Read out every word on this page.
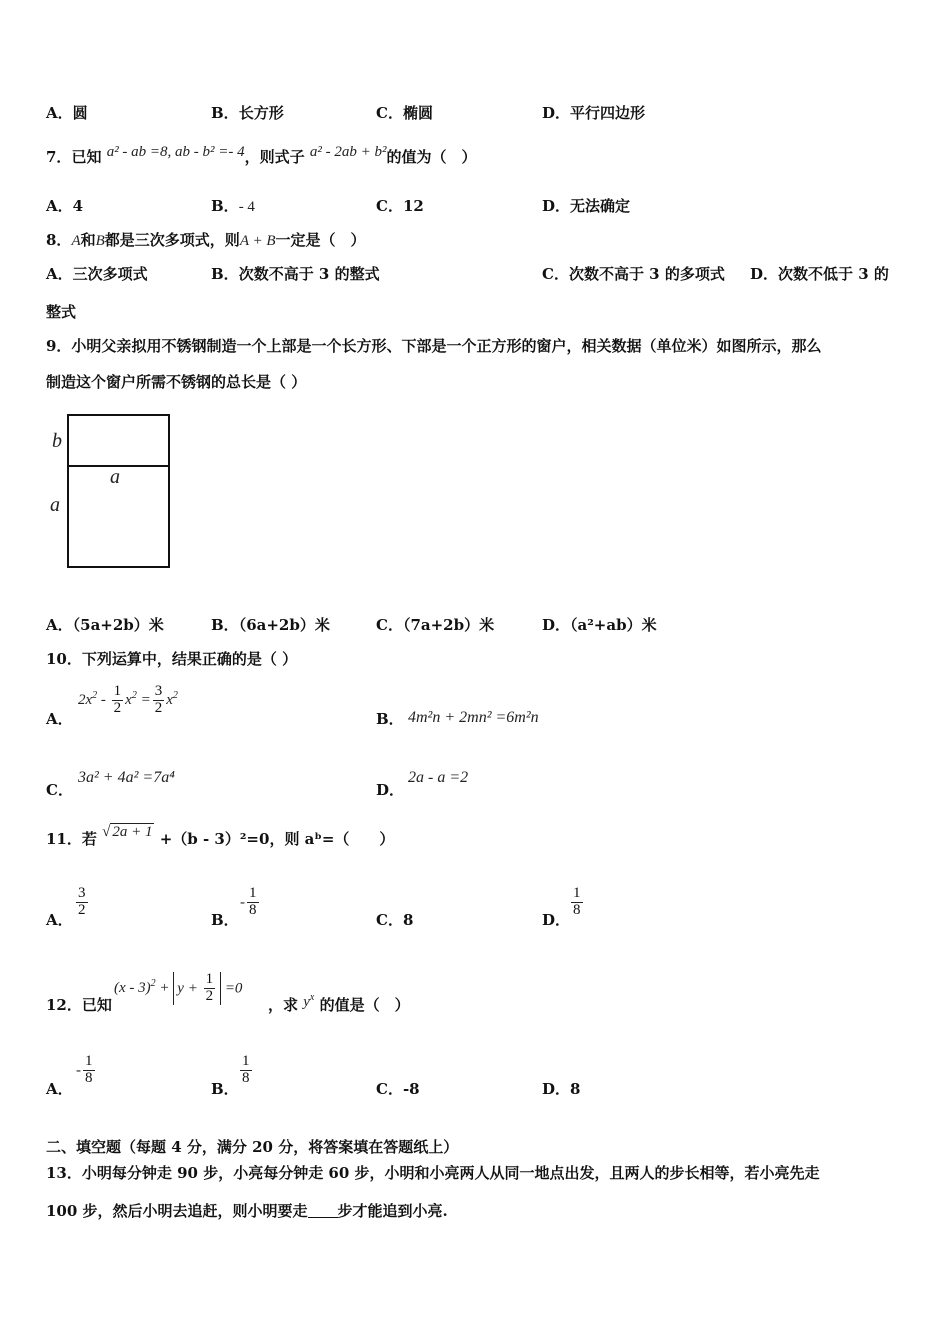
A．圆	B．长方形	C．椭圆	D．平行四边形
7．已知 a² - ab =8, ab - b² =- 4，则式子 a² - 2ab + b²的值为（　）
A．4	B．- 4	C．12	D．无法确定
8．A和B都是三次多项式，则A + B一定是（　）
A．三次多项式	B．次数不高于 3 的整式	C．次数不高于 3 的多项式 D．次数不低于 3 的
整式
9．小明父亲拟用不锈钢制造一个上部是一个长方形、下部是一个正方形的窗户，相关数据（单位米）如图所示，那么
制造这个窗户所需不锈钢的总长是（ ）
b
a
a
A．（5a+2b）米	B．（6a+2b）米	C．（7a+2b）米	D．（a²+ab）米
10．下列运算中，结果正确的是（ ）
A．
$2x^2 - \frac{1}{2} x^2 = \frac{3}{2} x^2$
B． 4m²n + 2mn² =6m²n
C．
3a² + 4a² =7a⁴
D．
2a - a =2
11．若 √ 2a + 1 +（b - 3）²=0，则 aᵇ=（　　）
A．
$\frac{3}{2}$
B．
- $\frac{1}{8}$
C．8	D．
$\frac{1}{8}$
12．已知
$(x - 3)^2 + y + \frac{1}{2} =0$
，求 $y^x$ 的值是（　）
A．
- $\frac{1}{8}$
B．
$\frac{1}{8}$
C．-8	D．8
二、填空题（每题 4 分，满分 20 分，将答案填在答题纸上）
13．小明每分钟走 90 步，小亮每分钟走 60 步，小明和小亮两人从同一地点出发，且两人的步长相等，若小亮先走
100 步，然后小明去追赶，则小明要走 步才能追到小亮.
